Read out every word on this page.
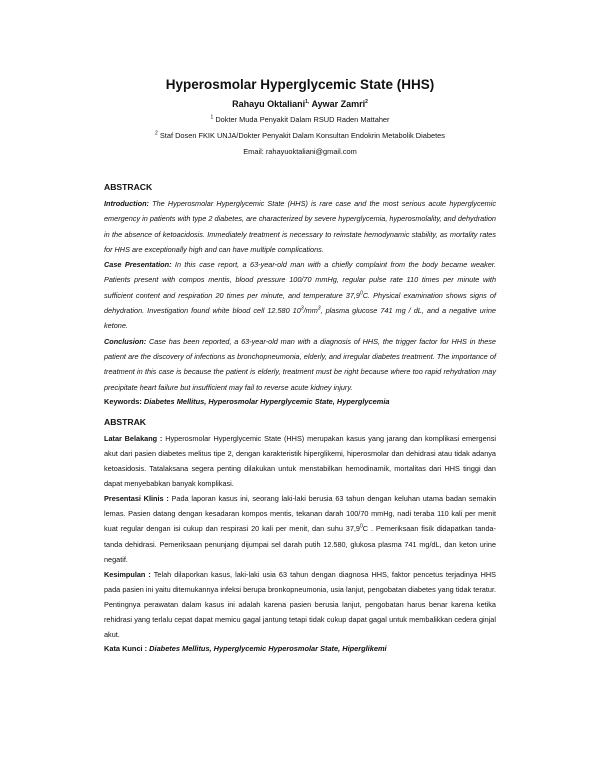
Hyperosmolar Hyperglycemic State (HHS)
Rahayu Oktaliani$^{1,}$ Aywar Zamri$^2$
$^1$ Dokter Muda Penyakit Dalam RSUD Raden Mattaher
$^2$ Staf Dosen FKIK UNJA/Dokter Penyakit Dalam Konsultan Endokrin Metabolik Diabetes
Email: rahayuoktaliani@gmail.com
ABSTRACK

Introduction: The Hyperosmolar Hyperglycemic State (HHS) is rare case and the most serious acute hyperglycemic emergency in patients with type 2 diabetes, are characterized by severe hyperglycemia, hyperosmolality, and dehydration in the absence of ketoacidosis. Immediately treatment is necessary to reinstate hemodynamic stability, as mortality rates for HHS are exceptionally high and can have multiple complications.

Case Presentation: In this case report, a 63-year-old man with a chiefly complaint from the body became weaker. Patients present with compos mentis, blood pressure 100/70 mmHg, regular pulse rate 110 times per minute with sufficient content and respiration 20 times per minute, and temperature 37,9$^0$C. Physical examination shows signs of dehydration. Investigation found white blood cell 12.580 $10^3/mm^3$, plasma glucose 741 mg / dL, and a negative urine ketone.

Conclusion: Case has been reported, a 63-year-old man with a diagnosis of HHS, the trigger factor for HHS in these patient are the discovery of infections as bronchopneumonia, elderly, and irregular diabetes treatment. The importance of treatment in this case is because the patient is elderly, treatment must be right because where too rapid rehydration may precipitate heart failure but insufficient may fail to reverse acute kidney injury.

Keywords: Diabetes Mellitus, Hyperosmolar Hyperglycemic State, Hyperglycemia
ABSTRAK

Latar Belakang : Hyperosmolar Hyperglycemic State (HHS) merupakan kasus yang jarang dan komplikasi emergensi akut dari pasien diabetes melitus tipe 2, dengan karakteristik hiperglikemi, hiperosmolar dan dehidrasi atau tidak adanya ketoasidosis. Tatalaksana segera penting dilakukan untuk menstabilkan hemodinamik, mortalitas dari HHS tinggi dan dapat menyebabkan banyak komplikasi.

Presentasi Klinis : Pada laporan kasus ini, seorang laki-laki berusia 63 tahun dengan keluhan utama badan semakin lemas. Pasien datang dengan kesadaran kompos mentis, tekanan darah 100/70 mmHg, nadi teraba 110 kali per menit kuat regular dengan isi cukup dan respirasi 20 kali per menit, dan suhu 37,9$^0$C . Pemeriksaan fisik didapatkan tanda-tanda dehidrasi. Pemeriksaan penunjang dijumpai sel darah putih 12.580, glukosa plasma 741 mg/dL, dan keton urine negatif.

Kesimpulan : Telah dilaporkan kasus, laki-laki usia 63 tahun dengan diagnosa HHS, faktor pencetus terjadinya HHS pada pasien ini yaitu ditemukannya infeksi berupa bronkopneumonia, usia lanjut, pengobatan diabetes yang tidak teratur. Pentingnya perawatan dalam kasus ini adalah karena pasien berusia lanjut, pengobatan harus benar karena ketika rehidrasi yang terlalu cepat dapat memicu gagal jantung tetapi tidak cukup dapat gagal untuk membalikkan cedera ginjal akut.

Kata Kunci : Diabetes Mellitus, Hyperglycemic Hyperosmolar State, Hiperglikemi
